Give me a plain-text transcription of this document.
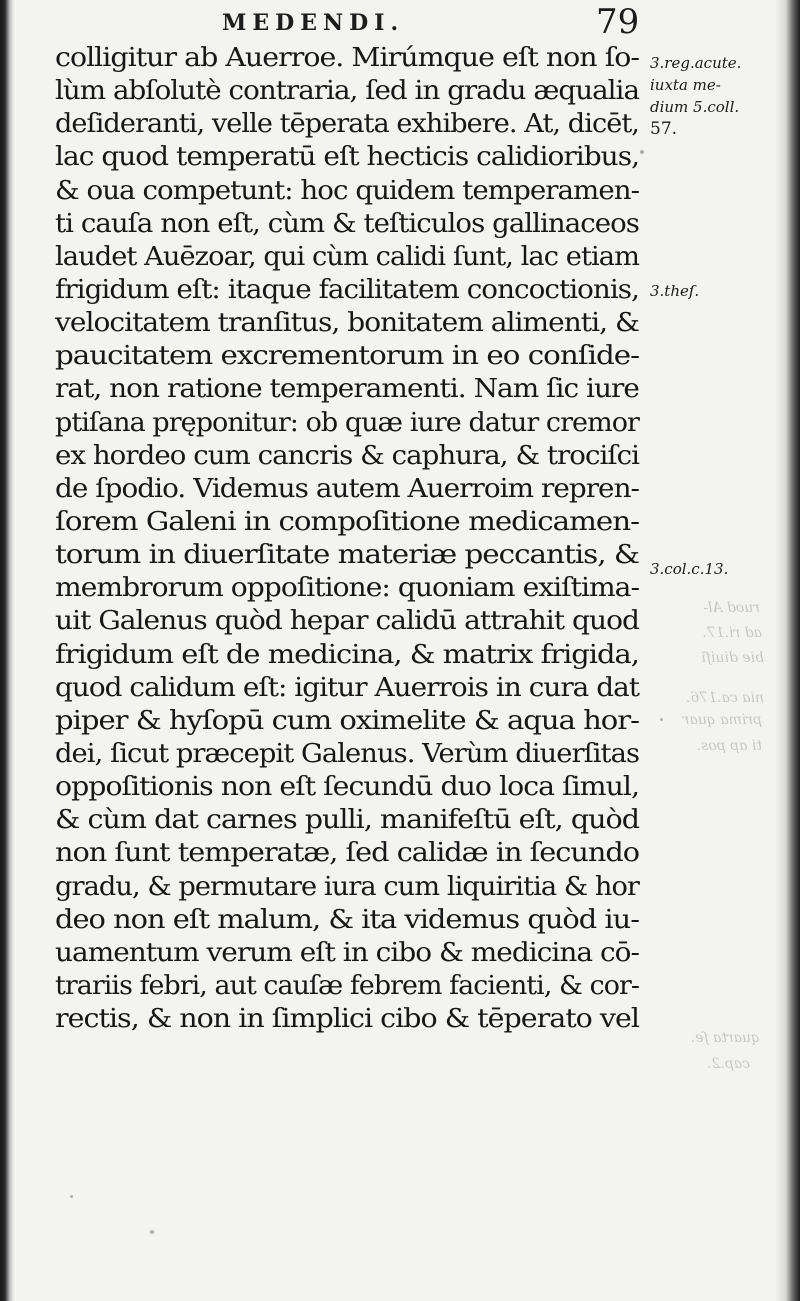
ruod Al-
ad ri.17.
bie diuiſi
nia ca.176.
prima quar
ti ap pos.
quarta ſe.
cap.2.
MEDENDI.	79
colligitur ab Auerroe. Mirúmque eſt non ſo-
lùm abſolutè contraria, ſed in gradu æqualia
deſideranti, velle tēperata exhibere. At, dicēt,
lac quod temperatū eſt hecticis calidioribus,
& oua competunt: hoc quidem temperamen-
ti cauſa non eſt, cùm & teſticulos gallinaceos
laudet Auēzoar, qui cùm calidi ſunt, lac etiam
frigidum eſt: itaque facilitatem concoctionis,
velocitatem tranſitus, bonitatem alimenti, &
paucitatem excrementorum in eo conſide-
rat, non ratione temperamenti. Nam ſic iure
ptiſana pręponitur: ob quæ iure datur cremor
ex hordeo cum cancris & caphura, & trociſci
de ſpodio. Videmus autem Auerroim repren-
ſorem Galeni in compoſitione medicamen-
torum in diuerſitate materiæ peccantis, &
membrorum oppoſitione: quoniam exiſtima-
uit Galenus quòd hepar calidū attrahit quod
frigidum eſt de medicina, & matrix frigida,
quod calidum eſt: igitur Auerrois in cura dat
piper & hyſopū cum oximelite & aqua hor-
dei, ſicut præcepit Galenus. Verùm diuerſitas
oppoſitionis non eſt ſecundū duo loca ſimul,
& cùm dat carnes pulli, manifeſtū eſt, quòd
non ſunt temperatæ, ſed calidæ in ſecundo
gradu, & permutare iura cum liquiritia & hor
deo non eſt malum, & ita videmus quòd iu-
uamentum verum eſt in cibo & medicina cō-
trariis febri, aut cauſæ febrem facienti, & cor-
rectis, & non in ſimplici cibo & tēperato vel
3.reg.acute.
iuxta me-
dium 5.coll.
57.
3.theſ.
3.col.c.13.
